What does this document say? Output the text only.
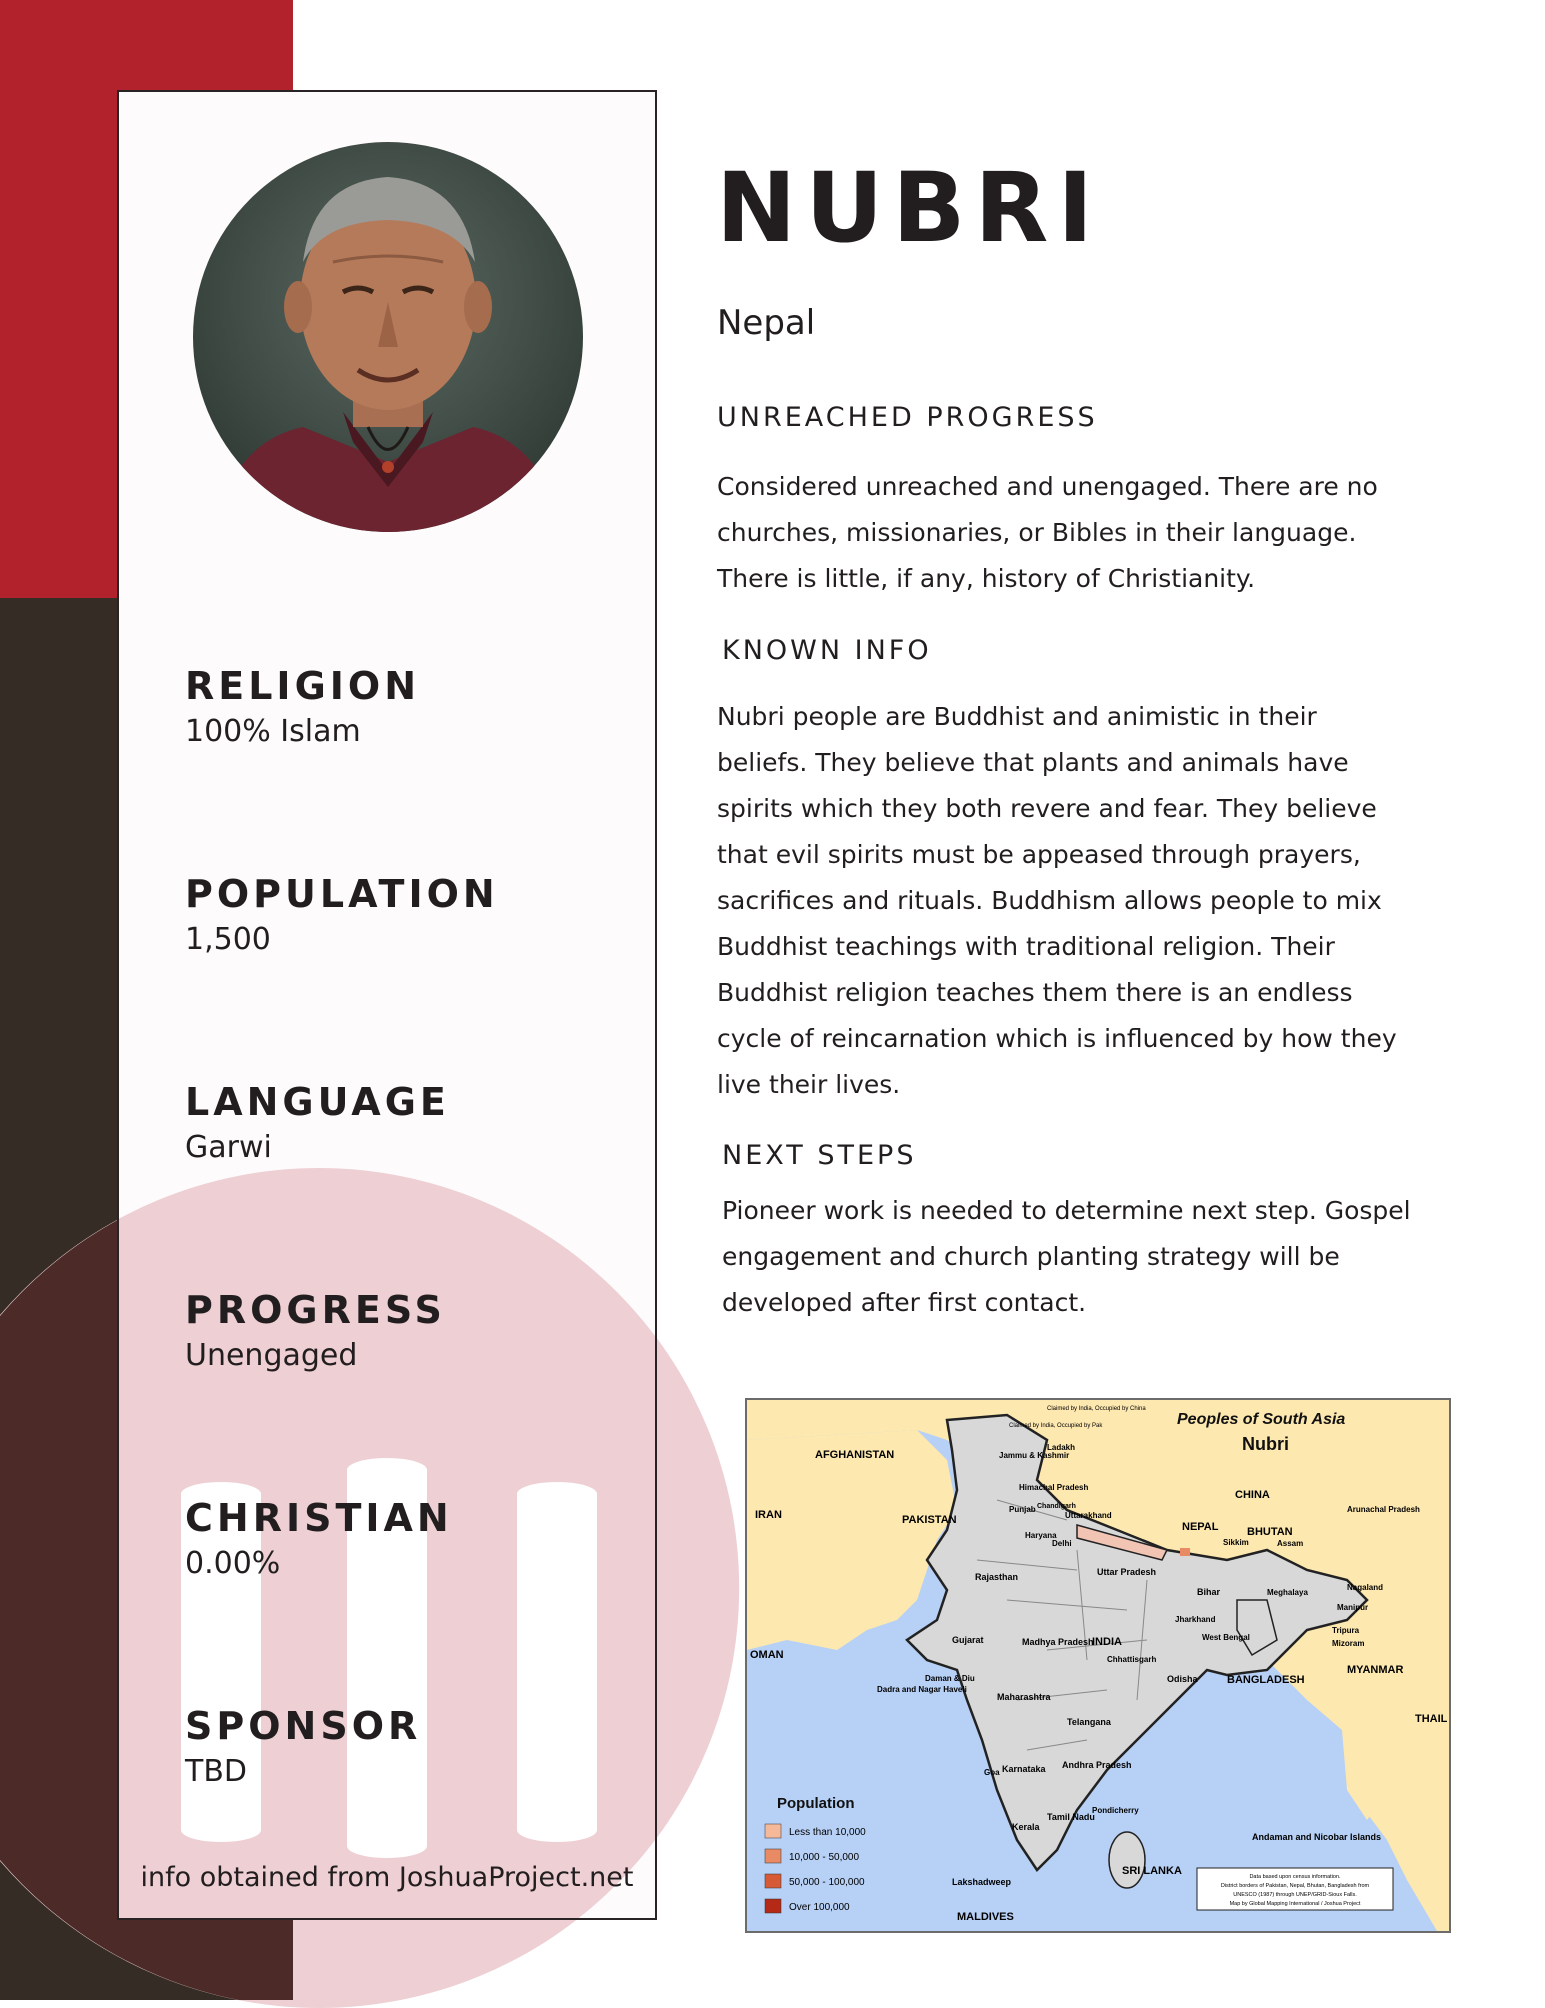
RELIGION
100% Islam
POPULATION
1,500
LANGUAGE
Garwi
PROGRESS
Unengaged
CHRISTIAN
0.00%
SPONSOR
TBD
info obtained from JoshuaProject.net
NUBRI
Nepal
UNREACHED PROGRESS
Considered unreached and unengaged. There are no
churches, missionaries, or Bibles in their language.
There is little, if any, history of Christianity.
KNOWN INFO
Nubri people are Buddhist and animistic in their
beliefs. They believe that plants and animals have
spirits which they both revere and fear. They believe
that evil spirits must be appeased through prayers,
sacrifices and rituals. Buddhism allows people to mix
Buddhist teachings with traditional religion. Their
Buddhist religion teaches them there is an endless
cycle of reincarnation which is influenced by how they
live their lives.
NEXT STEPS
Pioneer work is needed to determine next step. Gospel
engagement and church planting strategy will be
developed after first contact.
Peoples of South Asia
Nubri
AFGHANISTAN
PAKISTAN
IRAN
CHINA
NEPAL	BHUTAN
INDIA
BANGLADESH
MYANMAR
OMAN
SRI LANKA
MALDIVES
THAIL
Andaman and Nicobar Islands
Lakshadweep
Rajasthan
Gujarat	Madhya Pradesh
Maharashtra
Uttar Pradesh
Bihar
Odisha
Telangana
Karnataka Andhra Pradesh
Kerala
Tamil Nadu
Jammu & Kashmir
Ladakh
Himachal Pradesh
Punjab
Haryana
Delhi
Uttarakhand
Sikkim	Assam
Arunachal Pradesh
Nagaland
Manipur
Meghalaya
Tripura
Mizoram
Jharkhand
West Bengal
Chhattisgarh
Goa
Pondicherry
Daman & Diu
Dadra and Nagar Haveli
Chandigarh
Claimed by India, Occupied by China
Claimed by India, Occupied by Pak
Population
Less than 10,000
10,000 - 50,000
50,000 - 100,000
Over 100,000
Data based upon census information.
District borders of Pakistan, Nepal, Bhutan, Bangladesh from
UNESCO (1987) through UNEP/GRID-Sioux Falls.
Map by Global Mapping International / Joshua Project
